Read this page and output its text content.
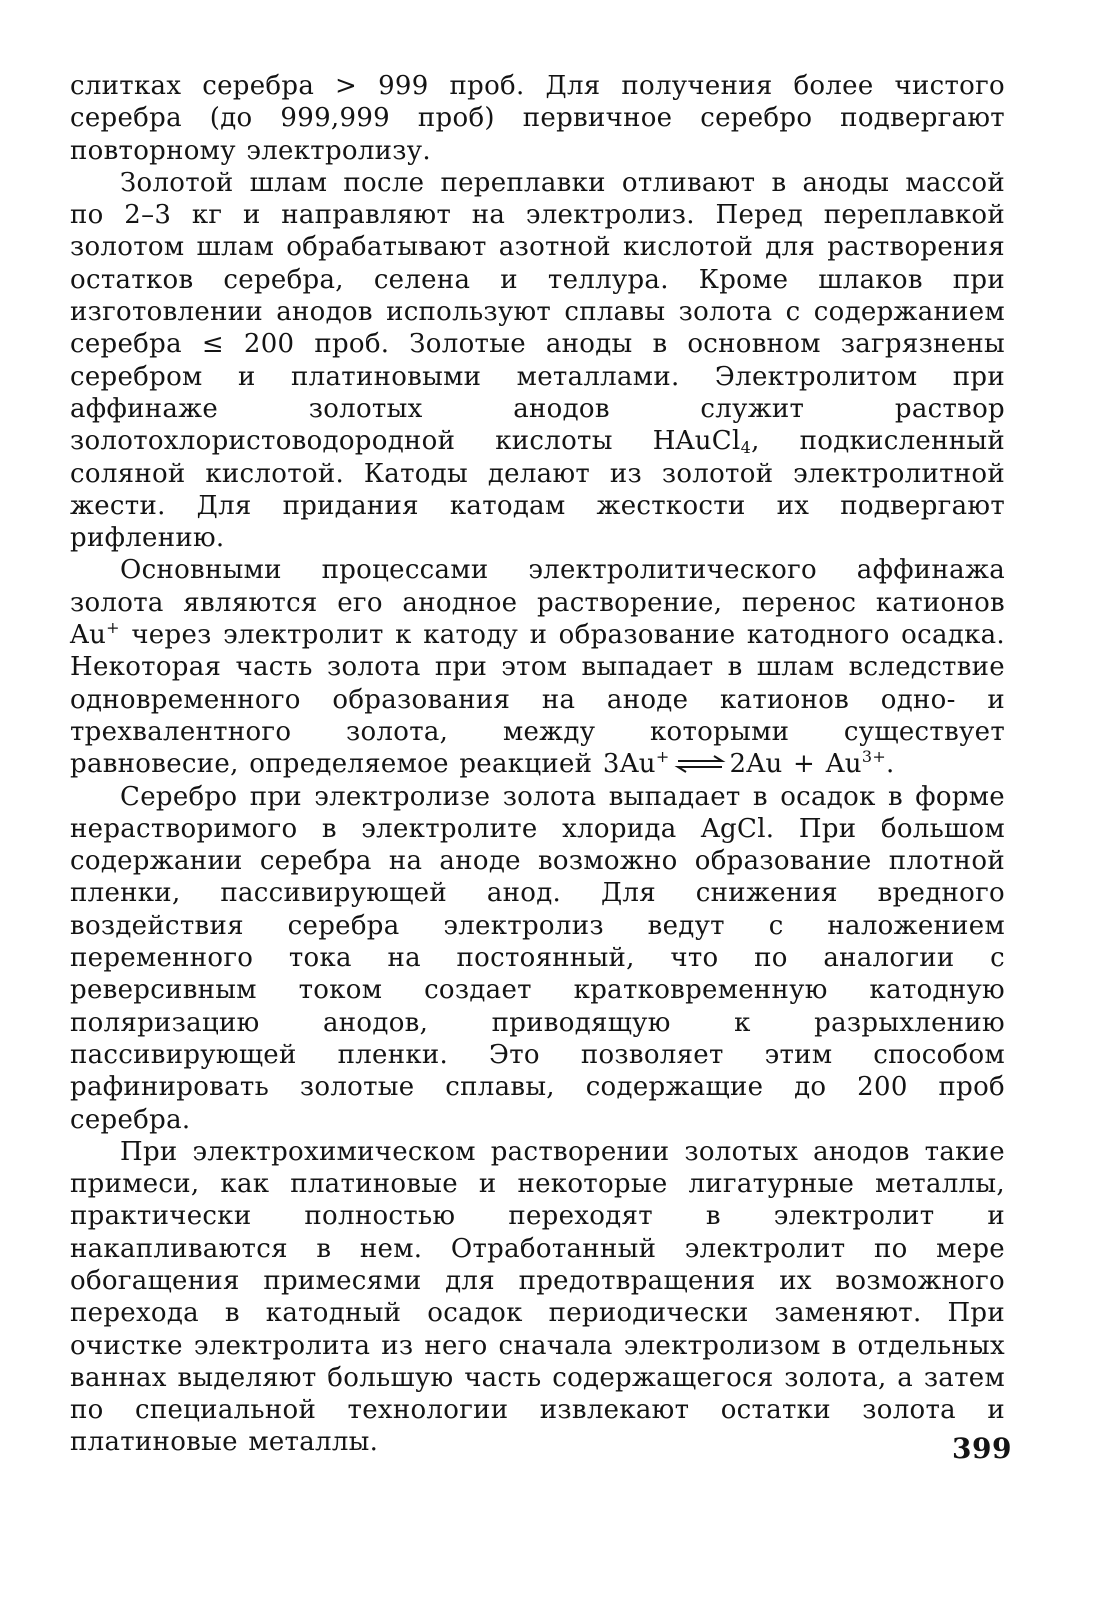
слитках серебра > 999 проб. Для получения более чистого серебра (до 999,999 проб) первичное серебро подвергают повторному электролизу.

Золотой шлам после переплавки отливают в аноды массой по 2–3 кг и направляют на электролиз. Перед переплавкой золотом шлам обрабатывают азотной кислотой для растворения остатков серебра, селена и теллура. Кроме шлаков при изготовлении анодов используют сплавы золота с содержанием серебра ≤ 200 проб. Золотые аноды в основном загрязнены серебром и платиновыми металлами. Электролитом при аффинаже золотых анодов служит раствор золотохлористоводородной кислоты HAuCl$_4$, подкисленный соляной кислотой. Катоды делают из золотой электролитной жести. Для придания катодам жесткости их подвергают рифлению.

Основными процессами электролитического аффинажа золота являются его анодное растворение, перенос катионов Au+ через электролит к катоду и образование катодного осадка. Некоторая часть золота при этом выпадает в шлам вследствие одновременного образования на аноде катионов одно- и трехвалентного золота, между которыми существует равновесие, определяемое реакцией 3Au+ ⇌ $2Au + Au^{3+}$.

Серебро при электролизе золота выпадает в осадок в форме нерастворимого в электролите хлорида AgCl. При большом содержании серебра на аноде возможно образование плотной пленки, пассивирующей анод. Для снижения вредного воздействия серебра электролиз ведут с наложением переменного тока на постоянный, что по аналогии с реверсивным током создает кратковременную катодную поляризацию анодов, приводящую к разрыхлению пассивирующей пленки. Это позволяет этим способом рафинировать золотые сплавы, содержащие до 200 проб серебра.

При электрохимическом растворении золотых анодов такие примеси, как платиновые и некоторые лигатурные металлы, практически полностью переходят в электролит и накапливаются в нем. Отработанный электролит по мере обогащения примесями для предотвращения их возможного перехода в катодный осадок периодически заменяют. При очистке электролита из него сначала электролизом в отдельных ваннах выделяют большую часть содержащегося золота, а затем по специальной технологии извлекают остатки золота и платиновые металлы.	399
